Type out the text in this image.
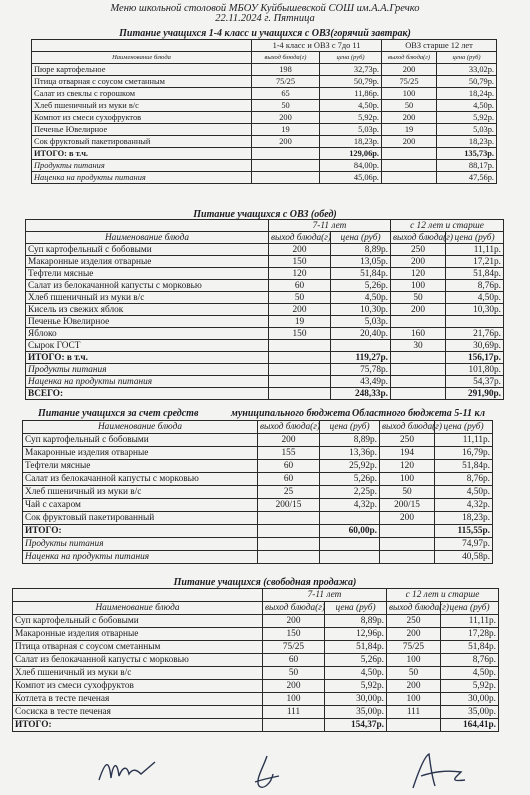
Меню школьной столовой МБОУ Куйбышевской СОШ им.А.А.Гречко
22.11.2024 г. Пятница
Питание учащихся 1-4 класс и учащихся с ОВЗ(горячий завтрак)
	1-4 класс и ОВЗ с 7до 11		ОВЗ старше 12 лет	
Наименование блюда	выход блюда(г)	цена (руб)	выход блюда(г)	цена (руб)
Пюре картофельное	198	32,73р.	200	33,02р.
Птица отварная с соусом сметанным	75/25	50,79р.	75/25	50,79р.
Салат из свеклы с горошком	65	11,86р.	100	18,24р.
Хлеб пшеничный из муки в/с	50	4,50р.	50	4,50р.
Компот из смеси сухофруктов	200	5,92р.	200	5,92р.
Печенье Ювелирное	19	5,03р.	19	5,03р.
Сок фруктовый пакетированный	200	18,23р.	200	18,23р.
ИТОГО: в т.ч.		129,06р.		135,73р.
Продукты питания		84,00р.		88,17р.
Наценка на продукты питания		45,06р.		47,56р.
Питание учащихся с ОВЗ (обед)
	7-11 лет		с 12 лет и старше	
Наименование блюда	выход блюда(г)	цена (руб)	выход блюда(г)	цена (руб)
Суп картофельный с бобовыми	200	8,89р.	250	11,11р.
Макаронные изделия отварные	150	13,05р.	200	17,21р.
Тефтели мясные	120	51,84р.	120	51,84р.
Салат из белокачанной капусты с морковью	60	5,26р.	100	8,76р.
Хлеб пшеничный из муки в/с	50	4,50р.	50	4,50р.
Кисель из свежих яблок	200	10,30р.	200	10,30р.
Печенье Ювелирное	19	5,03р.		
Яблоко	150	20,40р.	160	21,76р.
Сырок ГОСТ			30	30,69р.
ИТОГО: в т.ч.		119,27р.		156,17р.
Продукты питания		75,78р.		101,80р.
Наценка на продукты питания		43,49р.		54,37р.
ВСЕГО:		248,33р.		291,90р.
Питание учащихся за счет средств	муниципального бюджета Областного бюджета 5-11 кл
Наименование блюда	выход блюда(г)	цена (руб)	выход блюда(г)	цена (руб)
Суп картофельный с бобовыми	200	8,89р.	250	11,11р.
Макаронные изделия отварные	155	13,36р.	194	16,79р.
Тефтели мясные	60	25,92р.	120	51,84р.
Салат из белокачанной капусты с морковью	60	5,26р.	100	8,76р.
Хлеб пшеничный из муки в/с	25	2,25р.	50	4,50р.
Чай с сахаром	200/15	4,32р.	200/15	4,32р.
Сок фруктовый пакетированный			200	18,23р.
ИТОГО:		60,00р.		115,55р.
Продукты питания				74,97р.
Наценка на продукты питания				40,58р.
Питание учащихся (свободная продажа)
	7-11 лет		с 12 лет и старше	
Наименование блюда	выход блюда(г)	цена (руб)	выход блюда(г)	цена (руб)
Суп картофельный с бобовыми	200	8,89р.	250	11,11р.
Макаронные изделия отварные	150	12,96р.	200	17,28р.
Птица отварная с соусом сметанным	75/25	51,84р.	75/25	51,84р.
Салат из белокачанной капусты с морковью	60	5,26р.	100	8,76р.
Хлеб пшеничный из муки в/с	50	4,50р.	50	4,50р.
Компот из смеси сухофруктов	200	5,92р.	200	5,92р.
Котлета в тесте печеная	100	30,00р.	100	30,00р.
Сосиска в тесте печеная	111	35,00р.	111	35,00р.
ИТОГО:		154,37р.		164,41р.
